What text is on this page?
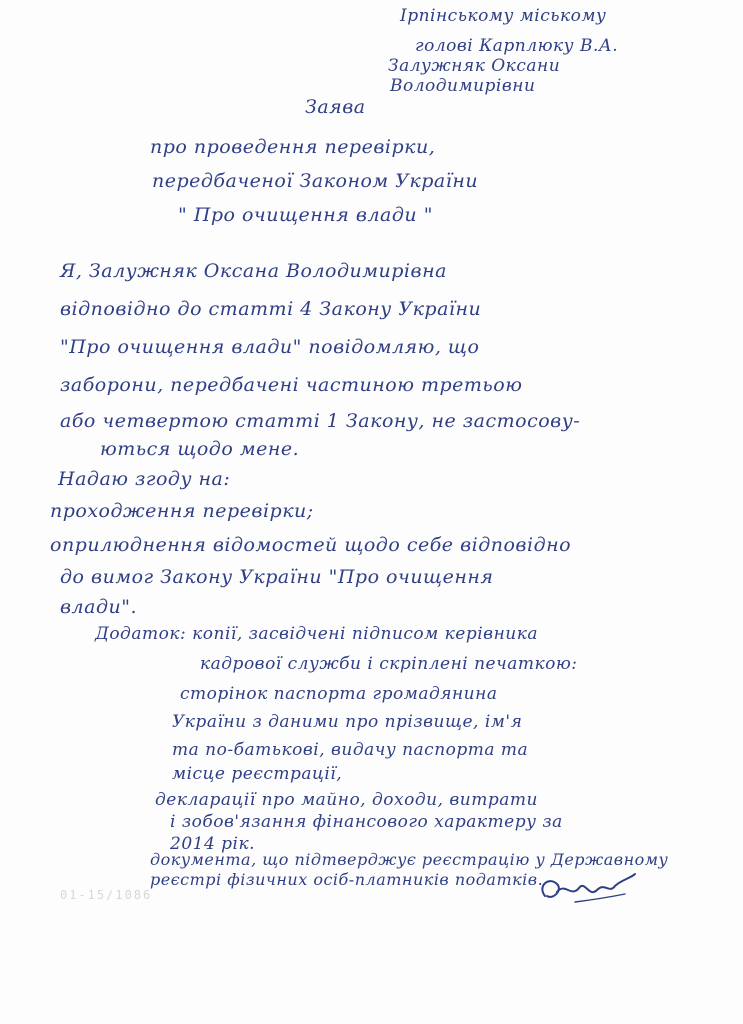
Ірпінському міському
голові Карплюку В.А.
Залужняк Оксани
Володимирівни
Заява
про проведення перевірки,
передбаченої Законом України
" Про очищення влади "
Я, Залужняк Оксана Володимирівна
відповідно до статті 4 Закону України
"Про очищення влади" повідомляю, що
заборони, передбачені частиною третьою
або четвертою статті 1 Закону, не застосову-
ються щодо мене.
Надаю згоду на:
проходження перевірки;
оприлюднення відомостей щодо себе відповідно
до вимог Закону України "Про очищення
влади".
Додаток: копії, засвідчені підписом керівника
кадрової служби і скріплені печаткою:
сторінок паспорта громадянина
України з даними про прізвище, ім'я
та по-батькові, видачу паспорта та
місце реєстрації,
декларації про майно, доходи, витрати
і зобов'язання фінансового характеру за
2014 рік.
документа, що підтверджує реєстрацію у Державному
реєстрі фізичних осіб-платників податків.
01-15/1086
